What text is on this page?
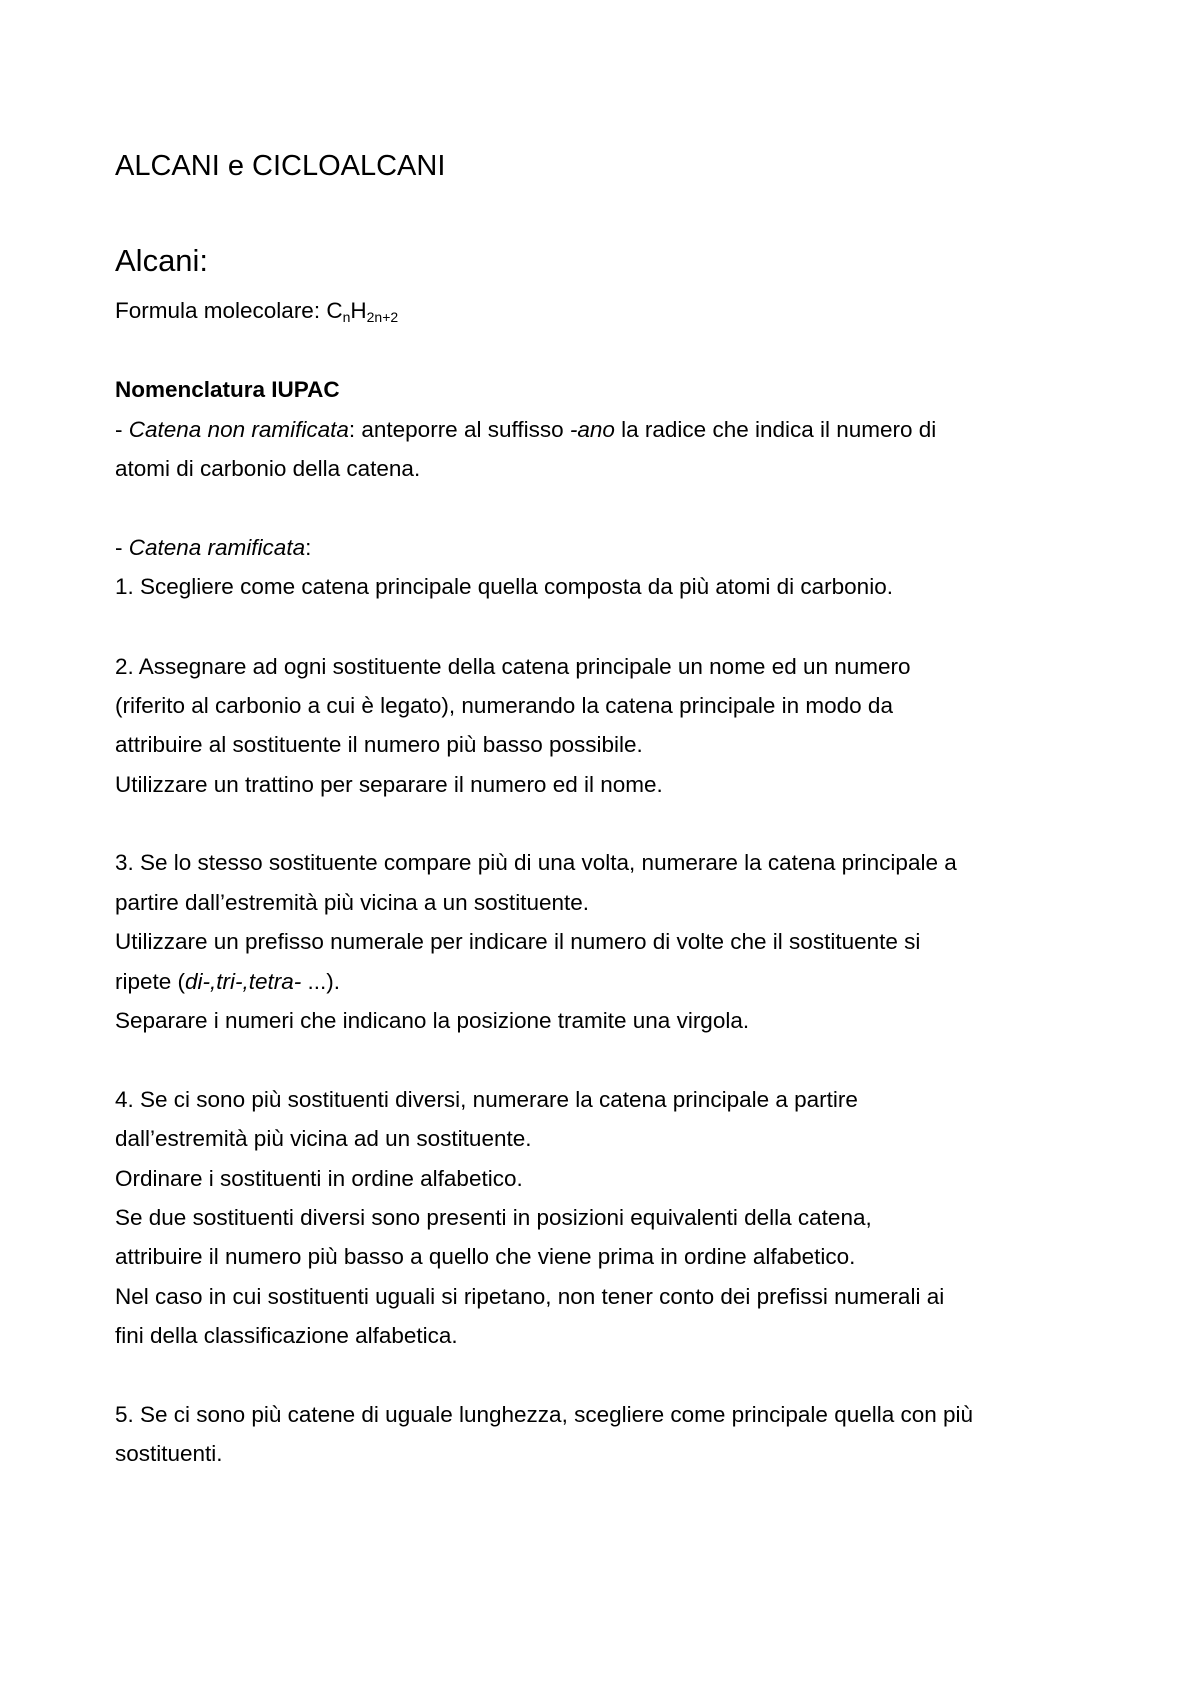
ALCANI e CICLOALCANI
Alcani:
Formula molecolare: $C_nH_{2n+2}$
Nomenclatura IUPAC
- Catena non ramificata: anteporre al suffisso -ano la radice che indica il numero di
atomi di carbonio della catena.
- Catena ramificata:
1. Scegliere come catena principale quella composta da più atomi di carbonio.
2. Assegnare ad ogni sostituente della catena principale un nome ed un numero
(riferito al carbonio a cui è legato), numerando la catena principale in modo da
attribuire al sostituente il numero più basso possibile.
Utilizzare un trattino per separare il numero ed il nome.
3. Se lo stesso sostituente compare più di una volta, numerare la catena principale a
partire dall’estremità più vicina a un sostituente.
Utilizzare un prefisso numerale per indicare il numero di volte che il sostituente si
ripete (di-,tri-,tetra- ...).
Separare i numeri che indicano la posizione tramite una virgola.
4. Se ci sono più sostituenti diversi, numerare la catena principale a partire
dall’estremità più vicina ad un sostituente.
Ordinare i sostituenti in ordine alfabetico.
Se due sostituenti diversi sono presenti in posizioni equivalenti della catena,
attribuire il numero più basso a quello che viene prima in ordine alfabetico.
Nel caso in cui sostituenti uguali si ripetano, non tener conto dei prefissi numerali ai
fini della classificazione alfabetica.
5. Se ci sono più catene di uguale lunghezza, scegliere come principale quella con più
sostituenti.
